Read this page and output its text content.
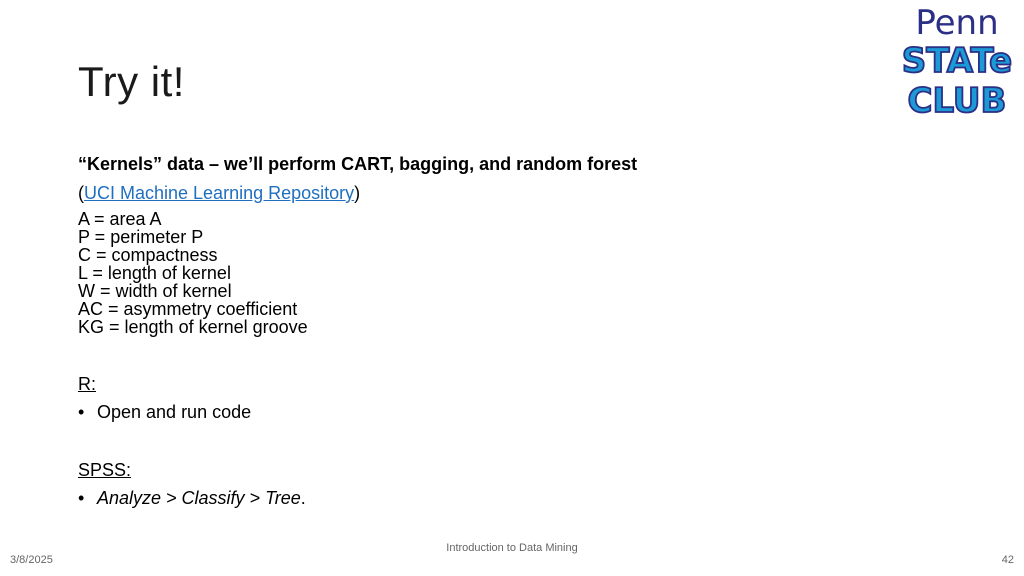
Try it!
Penn
STATe
CLUB

“Kernels” data – we’ll perform CART, bagging, and random forest

(UCI Machine Learning Repository)
A = area A
P = perimeter P
C = compactness
L = length of kernel
W = width of kernel
AC = asymmetry coefficient
KG = length of kernel groove
R:
• Open and run code
SPSS:
• Analyze > Classify > Tree.
Introduction to Data Mining
3/8/2025	42
